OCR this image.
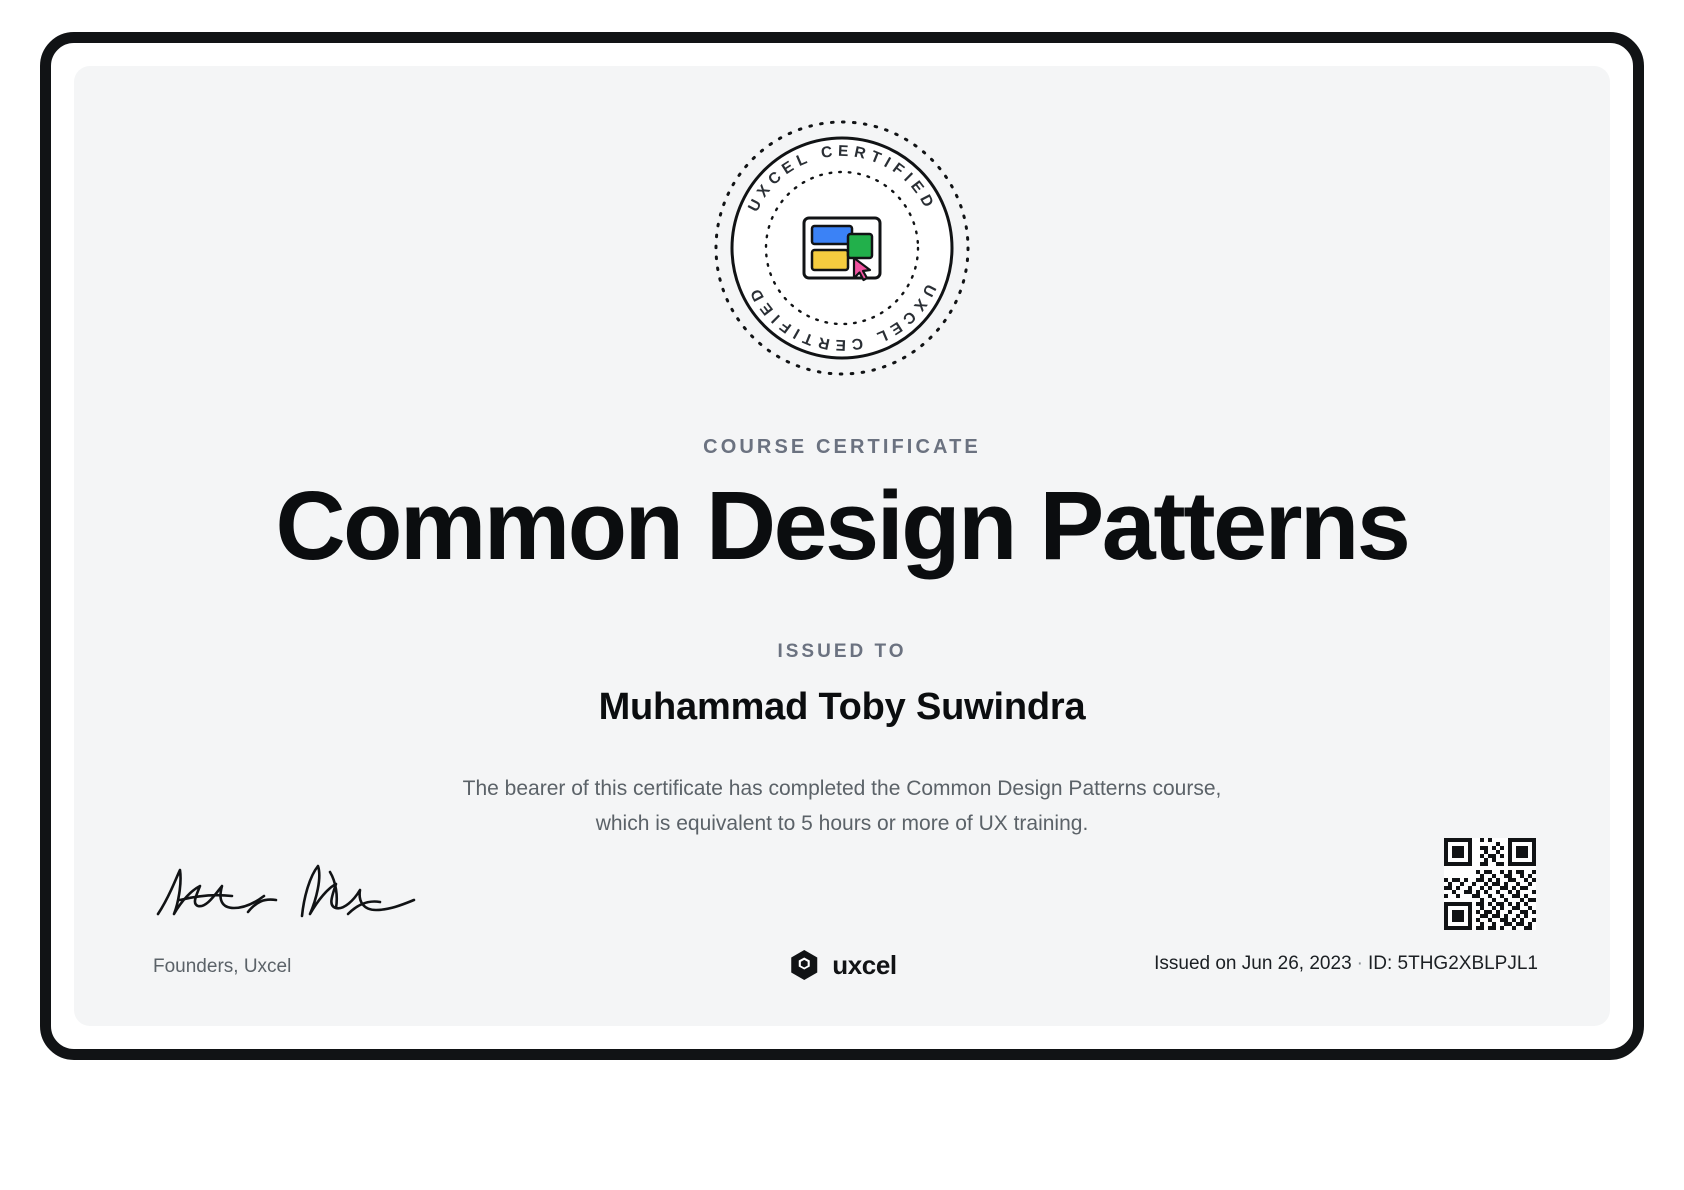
UXCEL CERTIFIED
UXCEL CERTIFIED
COURSE CERTIFICATE
Common Design Patterns
ISSUED TO
Muhammad Toby Suwindra
The bearer of this certificate has completed the Common Design Patterns course, which is equivalent to 5 hours or more of UX training.
Founders, Uxcel	uxcel	Issued on Jun 26, 2023 · ID: 5THG2XBLPJL1
